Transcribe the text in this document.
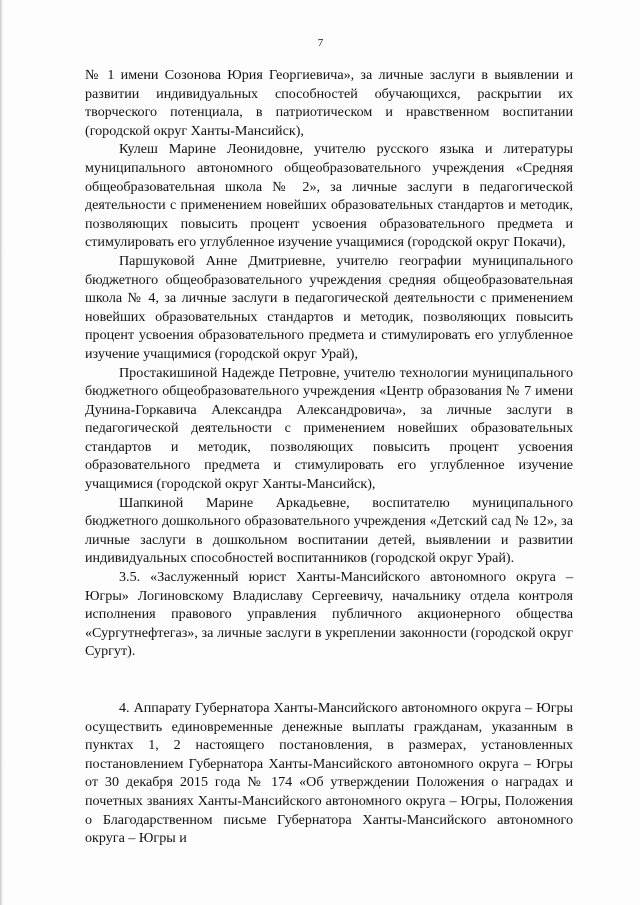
7

№ 1 имени Созонова Юрия Георгиевича», за личные заслуги в выявлении и развитии индивидуальных способностей обучающихся, раскрытии их творческого потенциала, в патриотическом и нравственном воспитании (городской округ Ханты-Мансийск),

Кулеш Марине Леонидовне, учителю русского языка и литературы муниципального автономного общеобразовательного учреждения «Средняя общеобразовательная школа № 2», за личные заслуги в педагогической деятельности с применением новейших образовательных стандартов и методик, позволяющих повысить процент усвоения образовательного предмета и стимулировать его углубленное изучение учащимися (городской округ Покачи),

Паршуковой Анне Дмитриевне, учителю географии муниципального бюджетного общеобразовательного учреждения средняя общеобразовательная школа № 4, за личные заслуги в педагогической деятельности с применением новейших образовательных стандартов и методик, позволяющих повысить процент усвоения образовательного предмета и стимулировать его углубленное изучение учащимися (городской округ Урай),

Простакишиной Надежде Петровне, учителю технологии муниципального бюджетного общеобразовательного учреждения «Центр образования № 7 имени Дунина-Горкавича Александра Александровича», за личные заслуги в педагогической деятельности с применением новейших образовательных стандартов и методик, позволяющих повысить процент усвоения образовательного предмета и стимулировать его углубленное изучение учащимися (городской округ Ханты-Мансийск),

Шапкиной Марине Аркадьевне, воспитателю муниципального бюджетного дошкольного образовательного учреждения «Детский сад № 12», за личные заслуги в дошкольном воспитании детей, выявлении и развитии индивидуальных способностей воспитанников (городской округ Урай).

3.5. «Заслуженный юрист Ханты-Мансийского автономного округа – Югры» Логиновскому Владиславу Сергеевичу, начальнику отдела контроля исполнения правового управления публичного акционерного общества «Сургутнефтегаз», за личные заслуги в укреплении законности (городской округ Сургут).

4. Аппарату Губернатора Ханты-Мансийского автономного округа – Югры осуществить единовременные денежные выплаты гражданам, указанным в пунктах 1, 2 настоящего постановления, в размерах, установленных постановлением Губернатора Ханты-Мансийского автономного округа – Югры от 30 декабря 2015 года № 174 «Об утверждении Положения о наградах и почетных званиях Ханты-Мансийского автономного округа – Югры, Положения о Благодарственном письме Губернатора Ханты-Мансийского автономного округа – Югры и
